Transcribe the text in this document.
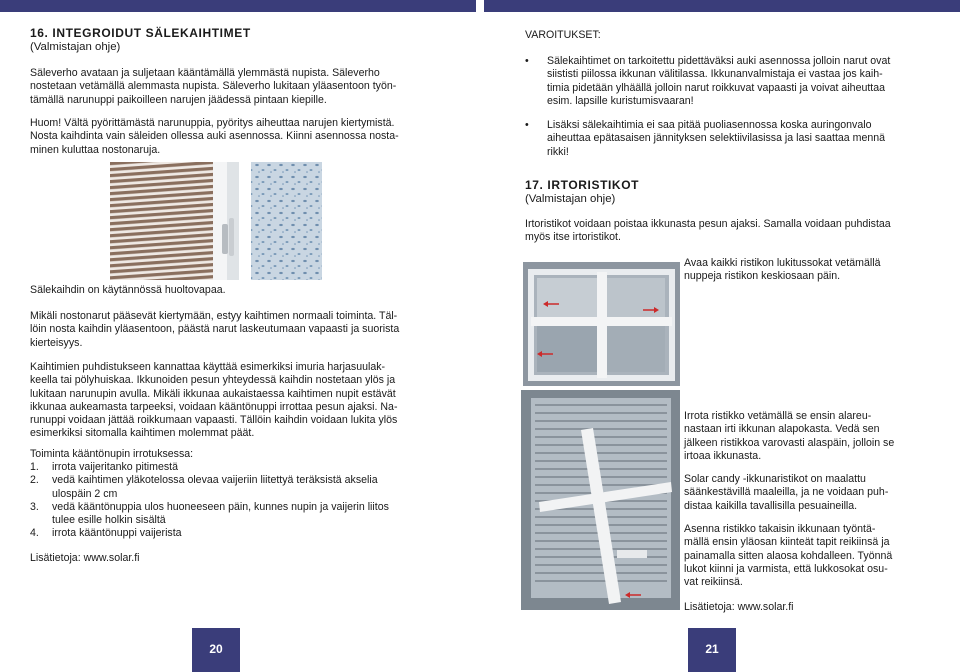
16. INTEGROIDUT SÄLEKAIHTIMET

(Valmistajan ohje)

Säleverho avataan ja suljetaan kääntämällä ylemmästä nupista. Säleverho
nostetaan vetämällä alemmasta nupista. Säleverho lukitaan yläasentoon työn-
tämällä narunuppi paikoilleen narujen jäädessä pintaan kiepille.

Huom! Vältä pyörittämästä narunuppia, pyöritys aiheuttaa narujen kiertymistä.
Nosta kaihdinta vain säleiden ollessa auki asennossa. Kiinni asennossa nosta-
minen kuluttaa nostonaruja.

Sälekaihdin on käytännössä huoltovapaa.

Mikäli nostonarut pääsevät kiertymään, estyy kaihtimen normaali toiminta. Täl-
löin nosta kaihdin yläasentoon, päästä narut laskeutumaan vapaasti ja suorista
kierteisyys.

Kaihtimien puhdistukseen kannattaa käyttää esimerkiksi imuria harjasuulak-
keella tai pölyhuiskaa. Ikkunoiden pesun yhteydessä kaihdin nostetaan ylös ja
lukitaan narunupin avulla. Mikäli ikkunaa aukaistaessa kaihtimen nupit estävät
ikkunaa aukeamasta tarpeeksi, voidaan kääntönuppi irrottaa pesun ajaksi. Na-
runuppi voidaan jättää roikkumaan vapaasti. Tällöin kaihdin voidaan lukita ylös
esimerkiksi sitomalla kaihtimen molemmat päät.

Toiminta kääntönupin irrotuksessa:

1. irrota vaijeritanko pitimestä
2. vedä kaihtimen yläkotelossa olevaa vaijeriin liitettyä teräksistä akselia
ulospäin 2 cm
3. vedä kääntönuppia ulos huoneeseen päin, kunnes nupin ja vaijerin liitos
tulee esille holkin sisältä
4. irrota kääntönuppi vaijerista

Lisätietoja: www.solar.fi

20

VAROITUKSET:

• Sälekaihtimet on tarkoitettu pidettäväksi auki asennossa jolloin narut ovat
siististi piilossa ikkunan välitilassa. Ikkunanvalmistaja ei vastaa jos kaih-
timia pidetään ylhäällä jolloin narut roikkuvat vapaasti ja voivat aiheuttaa
esim. lapsille kuristumisvaaran!
• Lisäksi sälekaihtimia ei saa pitää puoliasennossa koska auringonvalo
aiheuttaa epätasaisen jännityksen selektiivilasissa ja lasi saattaa mennä
rikki!
17. IRTORISTIKOT

(Valmistajan ohje)

Irtoristikot voidaan poistaa ikkunasta pesun ajaksi. Samalla voidaan puhdistaa
myös itse irtoristikot.

Avaa kaikki ristikon lukitussokat vetämällä
nuppeja ristikon keskiosaan päin.

Irrota ristikko vetämällä se ensin alareu-
nastaan irti ikkunan alapokasta. Vedä sen
jälkeen ristikkoa varovasti alaspäin, jolloin se
irtoaa ikkunasta.

Solar candy -ikkunaristikot on maalattu
säänkestävillä maaleilla, ja ne voidaan puh-
distaa kaikilla tavallisilla pesuaineilla.

Asenna ristikko takaisin ikkunaan työntä-
mällä ensin yläosan kiinteät tapit reikiinsä ja
painamalla sitten alaosa kohdalleen. Työnnä
lukot kiinni ja varmista, että lukkosokat osu-
vat reikiinsä.

Lisätietoja: www.solar.fi

21
